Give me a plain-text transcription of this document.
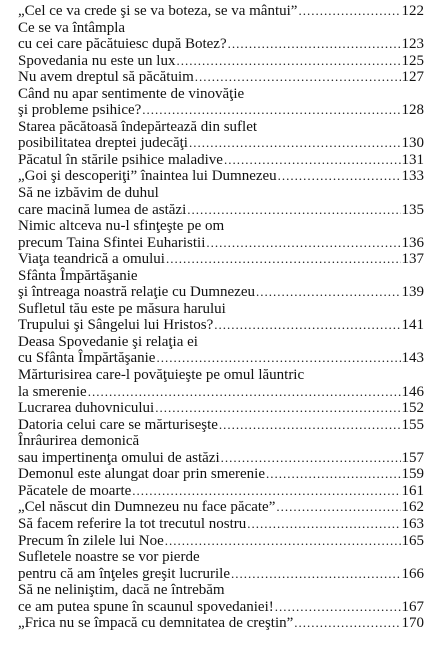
„Cel ce va crede şi se va boteza, se va mântui” .....	122
Ce se va întâmpla
cu cei care păcătuiesc după Botez? .....	123
Spovedania nu este un lux .....	125
Nu avem dreptul să păcătuim .....	127
Când nu apar sentimente de vinovăţie
şi probleme psihice? .....	128
Starea păcătoasă îndepărtează din suflet
posibilitatea dreptei judecăţi .....	130
Păcatul în stările psihice maladive .....	131
„Goi şi descoperiţi” înaintea lui Dumnezeu .....	133
Să ne izbăvim de duhul
care macină lumea de astăzi .....	135
Nimic altceva nu-l sfinţeşte pe om
precum Taina Sfintei Euharistii .....	136
Viaţa teandrică a omului .....	137
Sfânta Împărtăşanie
şi întreaga noastră relaţie cu Dumnezeu .....	139
Sufletul tău este pe măsura harului
Trupului şi Sângelui lui Hristos? .....	141
Deasa Spovedanie şi relaţia ei
cu Sfânta Împărtăşanie .....	143
Mărturisirea care-l povăţuieşte pe omul lăuntric
la smerenie .....	146
Lucrarea duhovnicului .....	152
Datoria celui care se mărturiseşte .....	155
Înrâurirea demonică
sau impertinenţa omului de astăzi .....	157
Demonul este alungat doar prin smerenie .....	159
Păcatele de moarte .....	161
„Cel născut din Dumnezeu nu face păcate” .....	162
Să facem referire la tot trecutul nostru .....	163
Precum în zilele lui Noe .....	165
Sufletele noastre se vor pierde
pentru că am înţeles greşit lucrurile .....	166
Să ne neliniştim, dacă ne întrebăm
ce am putea spune în scaunul spovedaniei! .....	167
„Frica nu se împacă cu demnitatea de creştin” .....	170
